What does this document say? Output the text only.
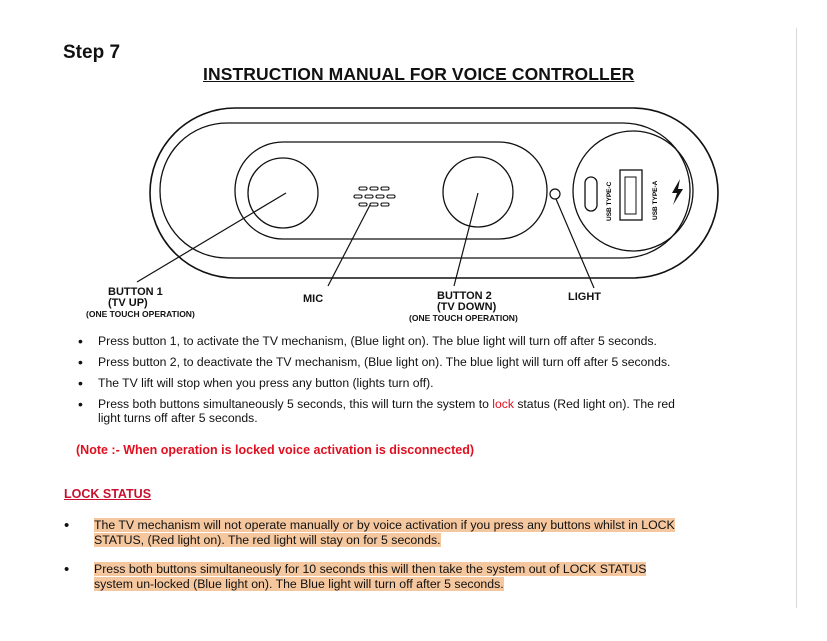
Step 7
INSTRUCTION MANUAL FOR VOICE CONTROLLER
USB TYPE-C	USB TYPE-A
BUTTON 1
(TV UP)
(ONE TOUCH OPERATION)
MIC	BUTTON 2
(TV DOWN)
(ONE TOUCH OPERATION)
LIGHT
• Press button 1, to activate the TV mechanism, (Blue light on). The blue light will turn off after 5 seconds.
• Press button 2, to deactivate the TV mechanism, (Blue light on). The blue light will turn off after 5 seconds.
• The TV lift will stop when you press any button (lights turn off).
• Press both buttons simultaneously 5 seconds, this will turn the system to lock status (Red light on). The red
light turns off after 5 seconds.
(Note :- When operation is locked voice activation is disconnected)
LOCK STATUS
• The TV mechanism will not operate manually or by voice activation if you press any buttons whilst in LOCK
STATUS, (Red light on). The red light will stay on for 5 seconds.
• Press both buttons simultaneously for 10 seconds this will then take the system out of LOCK STATUS
system un-locked (Blue light on). The Blue light will turn off after 5 seconds.
